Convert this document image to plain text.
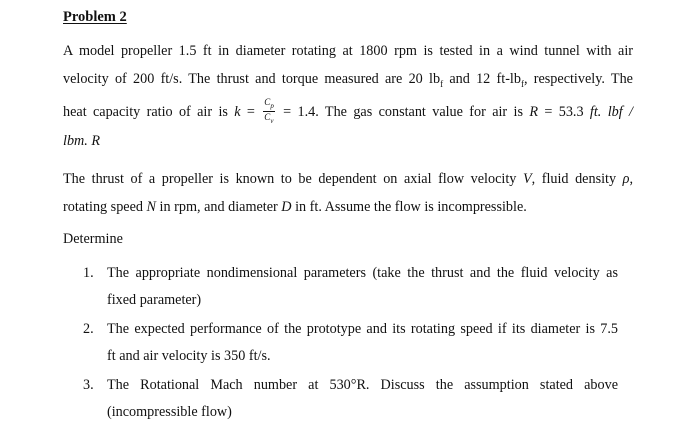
Problem 2
A model propeller 1.5 ft in diameter rotating at 1800 rpm is tested in a wind tunnel with air
velocity of 200 ft/s. The thrust and torque measured are 20 $lb_f$ and 12 $ft-lb_f$, respectively. The
heat capacity ratio of air is $k = \frac{C_p}{C_v} = 1.4$. The gas constant value for air is R = 53.3 ft. lbf /
lbm. R
The thrust of a propeller is known to be dependent on axial flow velocity V, fluid density ρ,
rotating speed N in rpm, and diameter D in ft. Assume the flow is incompressible.
Determine
1. The appropriate nondimensional parameters (take the thrust and the fluid velocity as
fixed parameter)
2. The expected performance of the prototype and its rotating speed if its diameter is 7.5
ft and air velocity is 350 ft/s.
3. The Rotational Mach number at 530°R. Discuss the assumption stated above
(incompressible flow)
